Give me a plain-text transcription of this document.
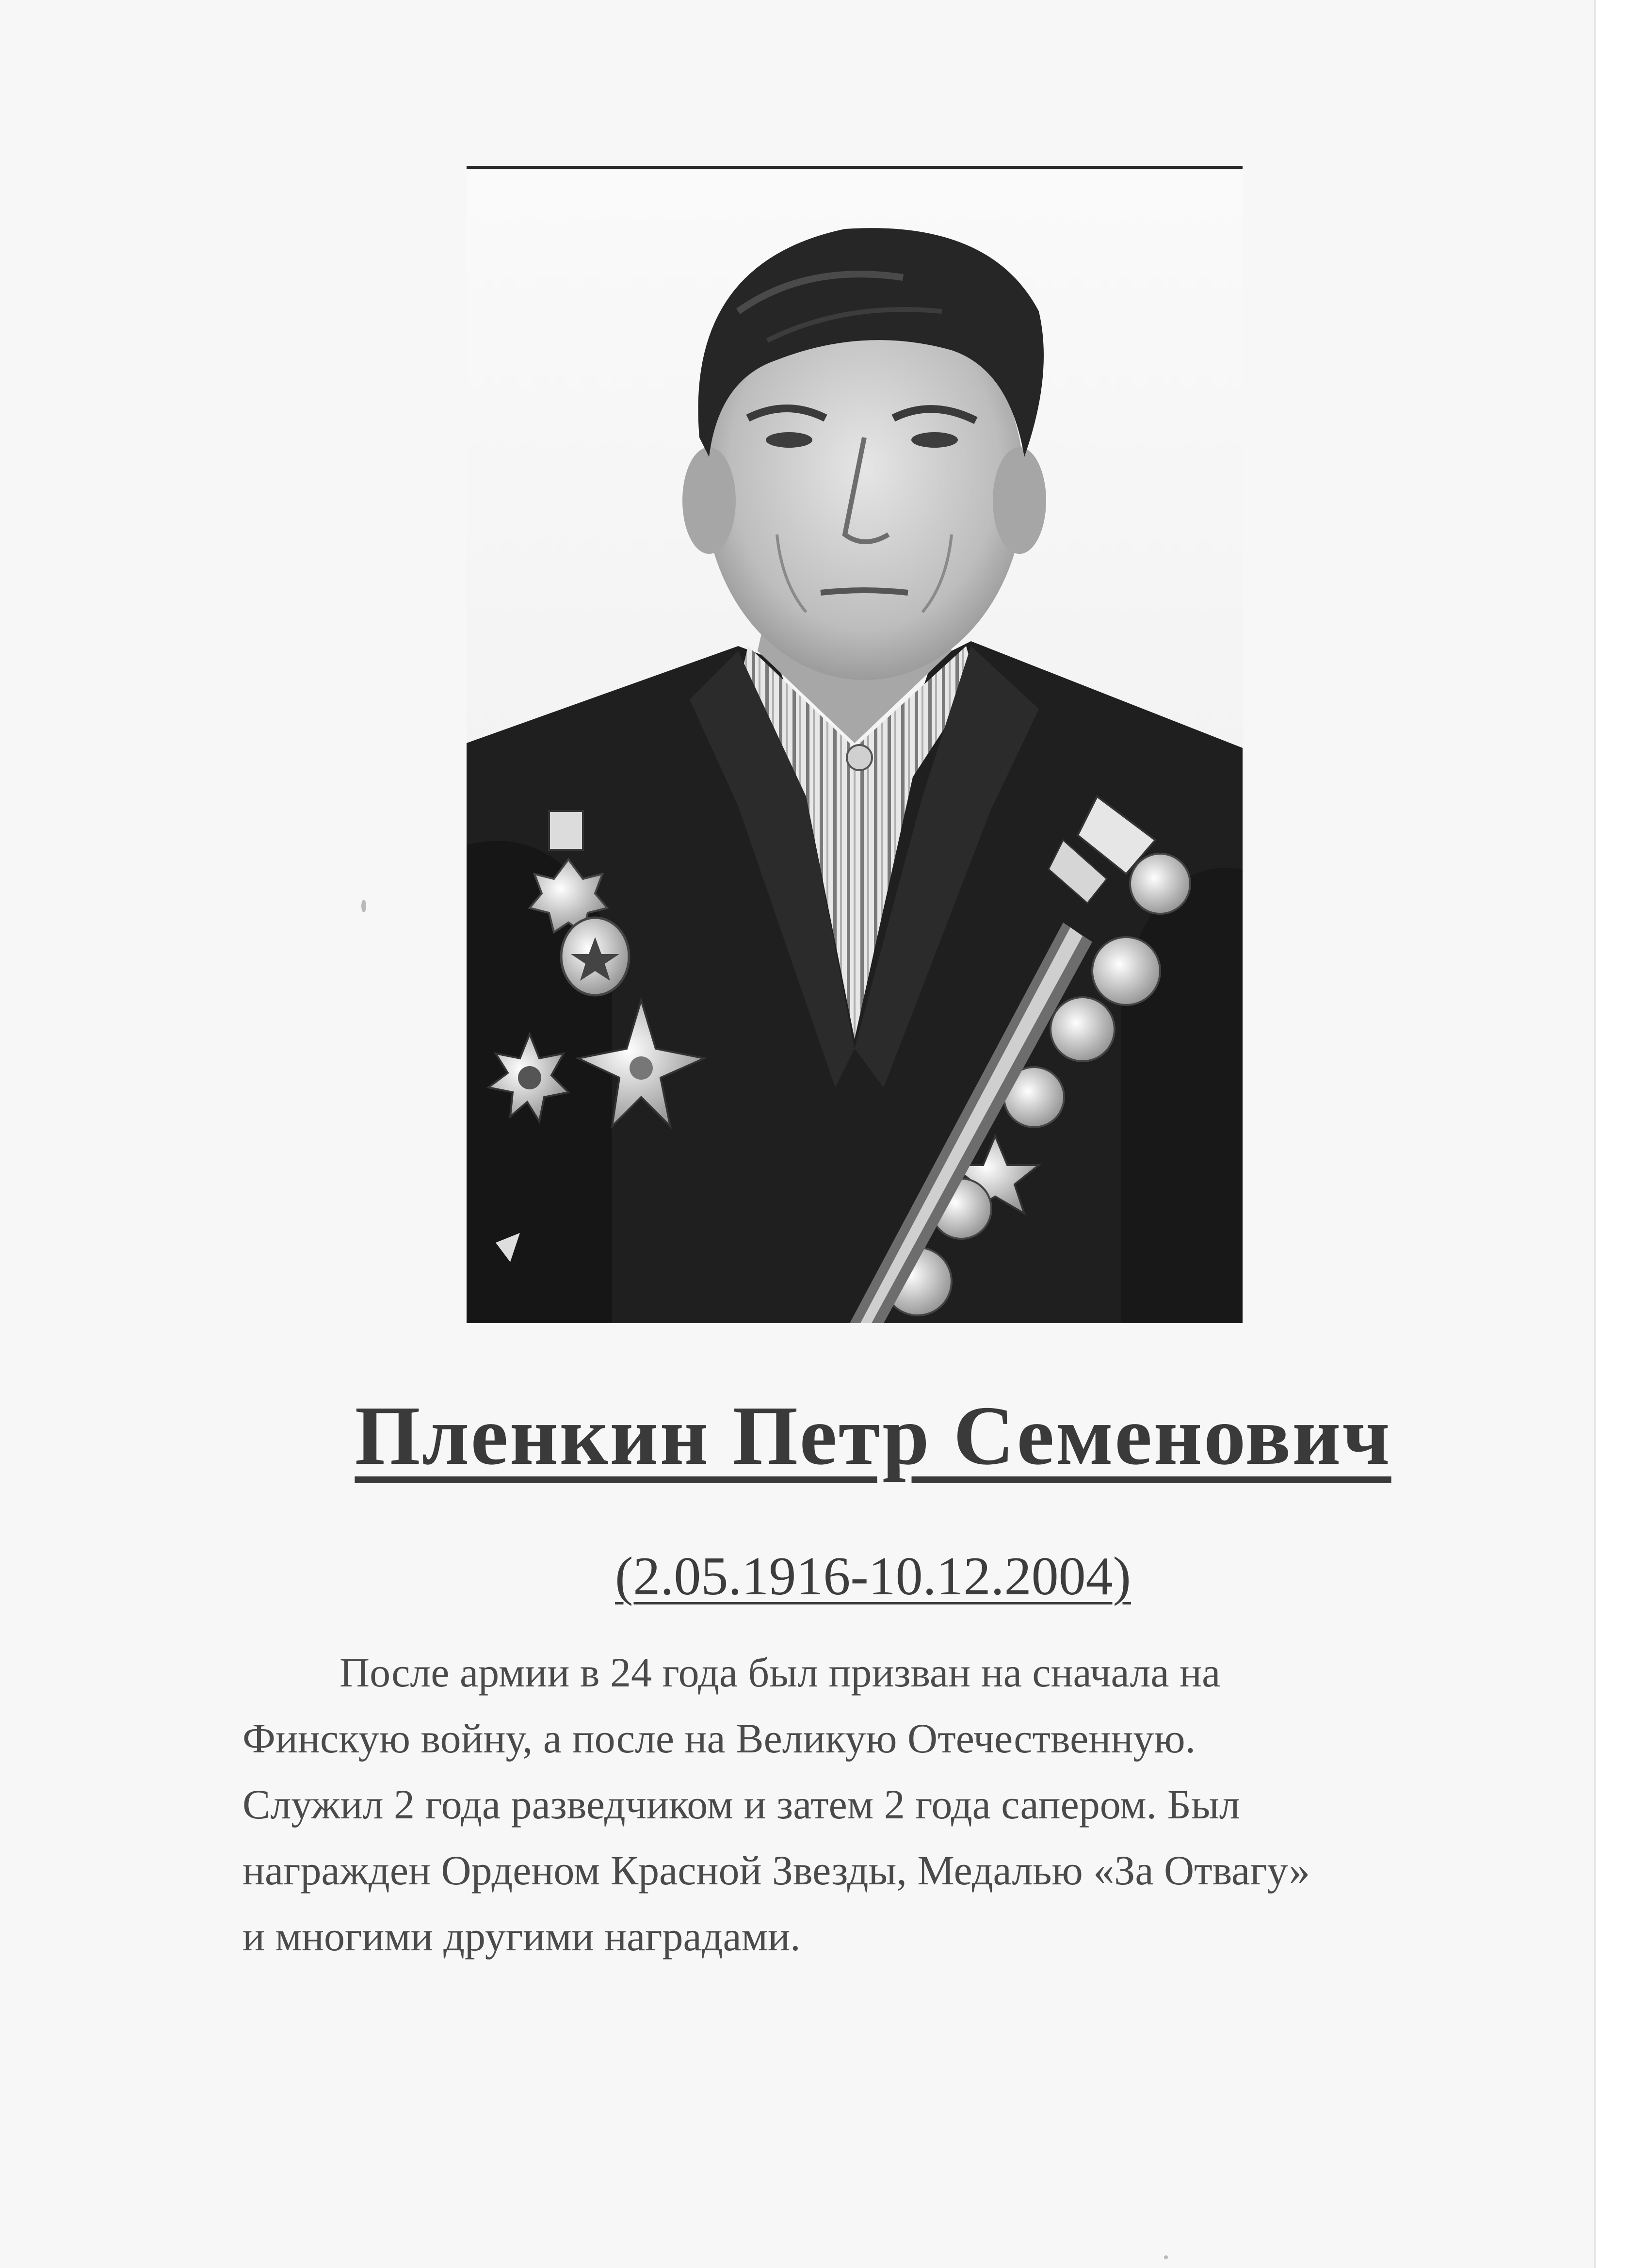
Пленкин Петр Семенович
(2.05.1916-10.12.2004)
После армии в 24 года был призван на сначала на
Финскую войну, а после на Великую Отечественную.
Служил 2 года разведчиком и затем 2 года сапером. Был
награжден Орденом Красной Звезды, Медалью «За Отвагу»
и многими другими наградами.
